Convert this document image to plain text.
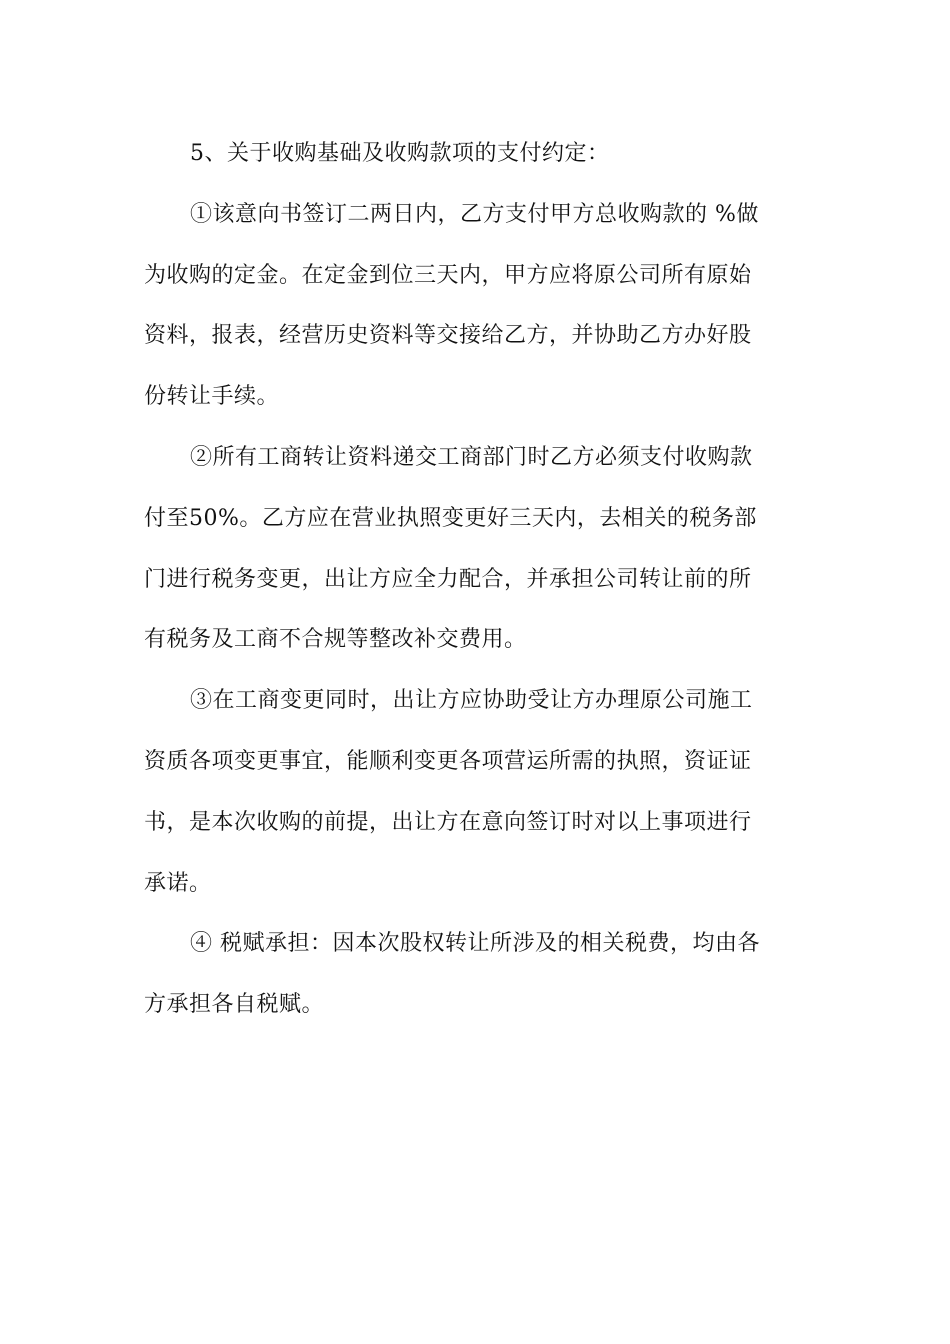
5、关于收购基础及收购款项的支付约定：
①该意向书签订二两日内，乙方支付甲方总收购款的 %做
为收购的定金。在定金到位三天内，甲方应将原公司所有原始
资料，报表，经营历史资料等交接给乙方，并协助乙方办好股
份转让手续。
②所有工商转让资料递交工商部门时乙方必须支付收购款
付至50%。乙方应在营业执照变更好三天内，去相关的税务部
门进行税务变更，出让方应全力配合，并承担公司转让前的所
有税务及工商不合规等整改补交费用。
③在工商变更同时，出让方应协助受让方办理原公司施工
资质各项变更事宜，能顺利变更各项营运所需的执照，资证证
书，是本次收购的前提，出让方在意向签订时对以上事项进行
承诺。
④ 税赋承担：因本次股权转让所涉及的相关税费，均由各
方承担各自税赋。
